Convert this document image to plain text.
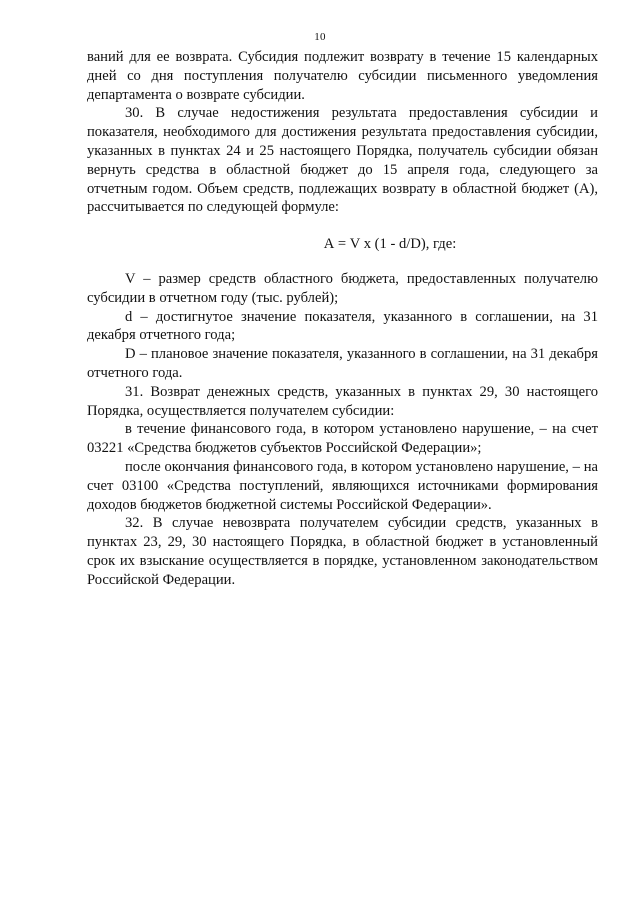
10

ваний для ее возврата. Субсидия подлежит возврату в течение 15 календарных дней со дня поступления получателю субсидии письменного уведомления департамента о возврате субсидии.

30. В случае недостижения результата предоставления субсидии и показателя, необходимого для достижения результата предоставления субсидии, указанных в пунктах 24 и 25 настоящего Порядка, получатель субсидии обязан вернуть средства в областной бюджет до 15 апреля года, следующего за отчетным годом. Объем средств, подлежащих возврату в областной бюджет (А), рассчитывается по следующей формуле:

А = V х (1 - d/D), где:

V – размер средств областного бюджета, предоставленных получателю субсидии в отчетном году (тыс. рублей);

d – достигнутое значение показателя, указанного в соглашении, на 31 декабря отчетного года;

D – плановое значение показателя, указанного в соглашении, на 31 декабря отчетного года.

31. Возврат денежных средств, указанных в пунктах 29, 30 настоящего Порядка, осуществляется получателем субсидии:

в течение финансового года, в котором установлено нарушение, – на счет 03221 «Средства бюджетов субъектов Российской Федерации»;

после окончания финансового года, в котором установлено нарушение, – на счет 03100 «Средства поступлений, являющихся источниками формирования доходов бюджетов бюджетной системы Российской Федерации».

32. В случае невозврата получателем субсидии средств, указанных в пунктах 23, 29, 30 настоящего Порядка, в областной бюджет в установленный срок их взыскание осуществляется в порядке, установленном законодательством Российской Федерации.
